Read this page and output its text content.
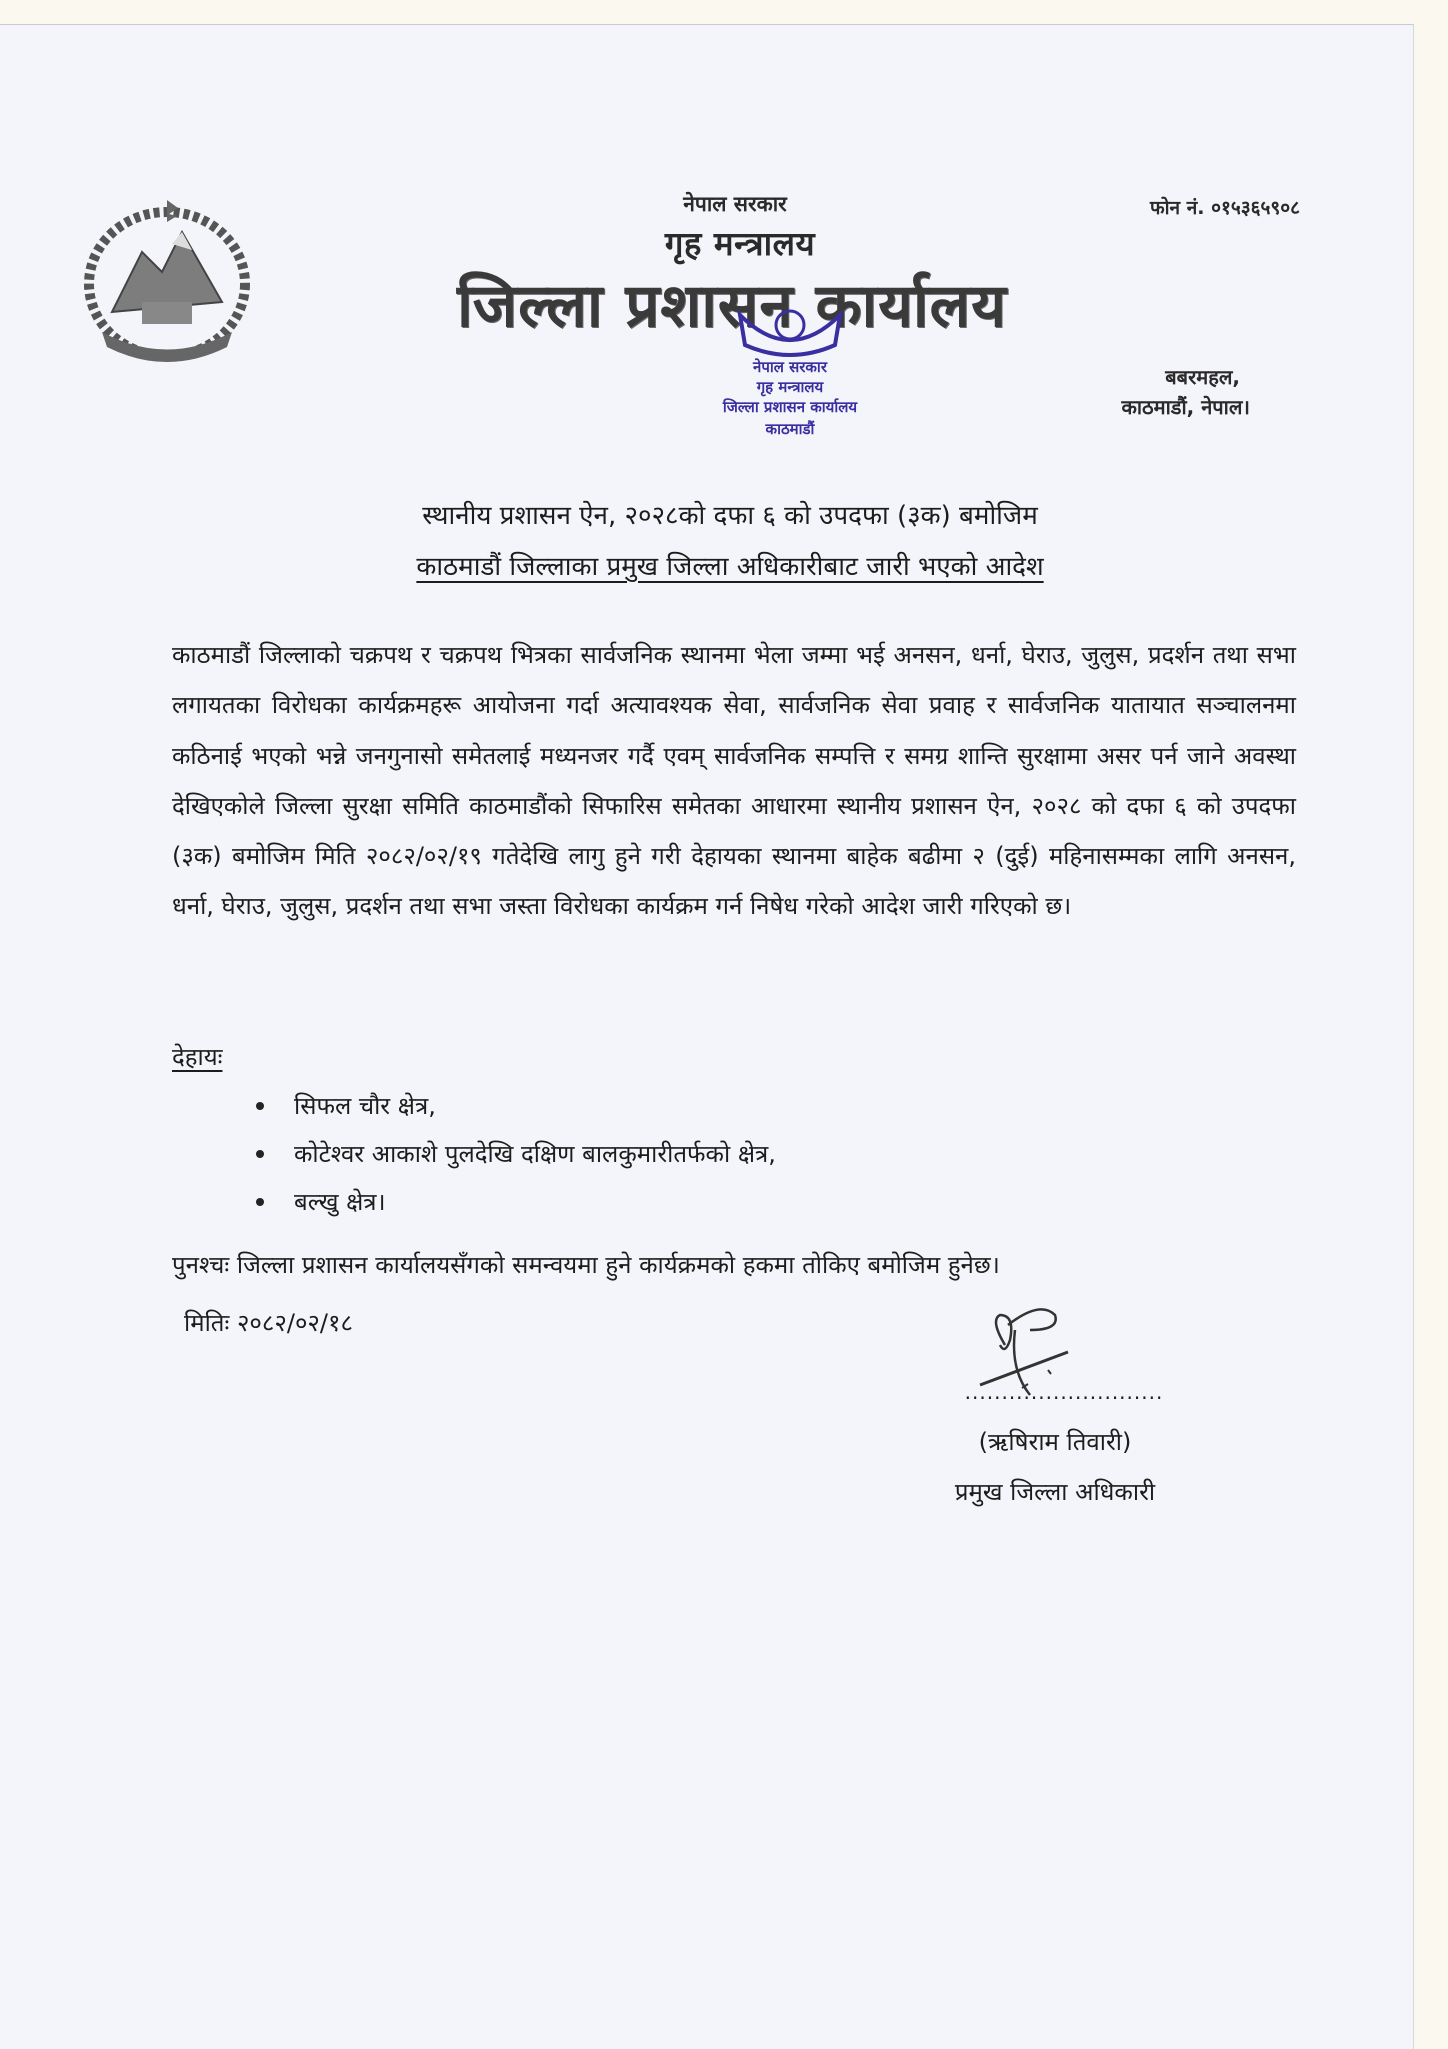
नेपाल सरकार
गृह मन्त्रालय
जिल्ला प्रशासन कार्यालय
फोन नं. ०१५३६५९०८
बबरमहल,
काठमाडौं, नेपाल।
नेपाल सरकार
गृह मन्त्रालय
जिल्ला प्रशासन कार्यालय
काठमाडौं
स्थानीय प्रशासन ऐन, २०२८को दफा ६ को उपदफा (३क) बमोजिम
काठमाडौं जिल्लाका प्रमुख जिल्ला अधिकारीबाट जारी भएको आदेश
काठमाडौं जिल्लाको चक्रपथ र चक्रपथ भित्रका सार्वजनिक स्थानमा भेला जम्मा भई अनसन, धर्ना, घेराउ, जुलुस, प्रदर्शन तथा सभा लगायतका विरोधका कार्यक्रमहरू आयोजना गर्दा अत्यावश्यक सेवा, सार्वजनिक सेवा प्रवाह र सार्वजनिक यातायात सञ्चालनमा कठिनाई भएको भन्ने जनगुनासो समेतलाई मध्यनजर गर्दै एवम् सार्वजनिक सम्पत्ति र समग्र शान्ति सुरक्षामा असर पर्न जाने अवस्था देखिएकोले जिल्ला सुरक्षा समिति काठमाडौंको सिफारिस समेतका आधारमा स्थानीय प्रशासन ऐन, २०२८ को दफा ६ को उपदफा (३क) बमोजिम मिति २०८२/०२/१९ गतेदेखि लागु हुने गरी देहायका स्थानमा बाहेक बढीमा २ (दुई) महिनासम्मका लागि अनसन, धर्ना, घेराउ, जुलुस, प्रदर्शन तथा सभा जस्ता विरोधका कार्यक्रम गर्न निषेध गरेको आदेश जारी गरिएको छ।
देहायः
सिफल चौर क्षेत्र,
कोटेश्वर आकाशे पुलदेखि दक्षिण बालकुमारीतर्फको क्षेत्र,
बल्खु क्षेत्र।
पुनश्चः जिल्ला प्रशासन कार्यालयसँगको समन्वयमा हुने कार्यक्रमको हकमा तोकिए बमोजिम हुनेछ।
मितिः २०८२/०२/१८
...........................
(ऋषिराम तिवारी)
प्रमुख जिल्ला अधिकारी
